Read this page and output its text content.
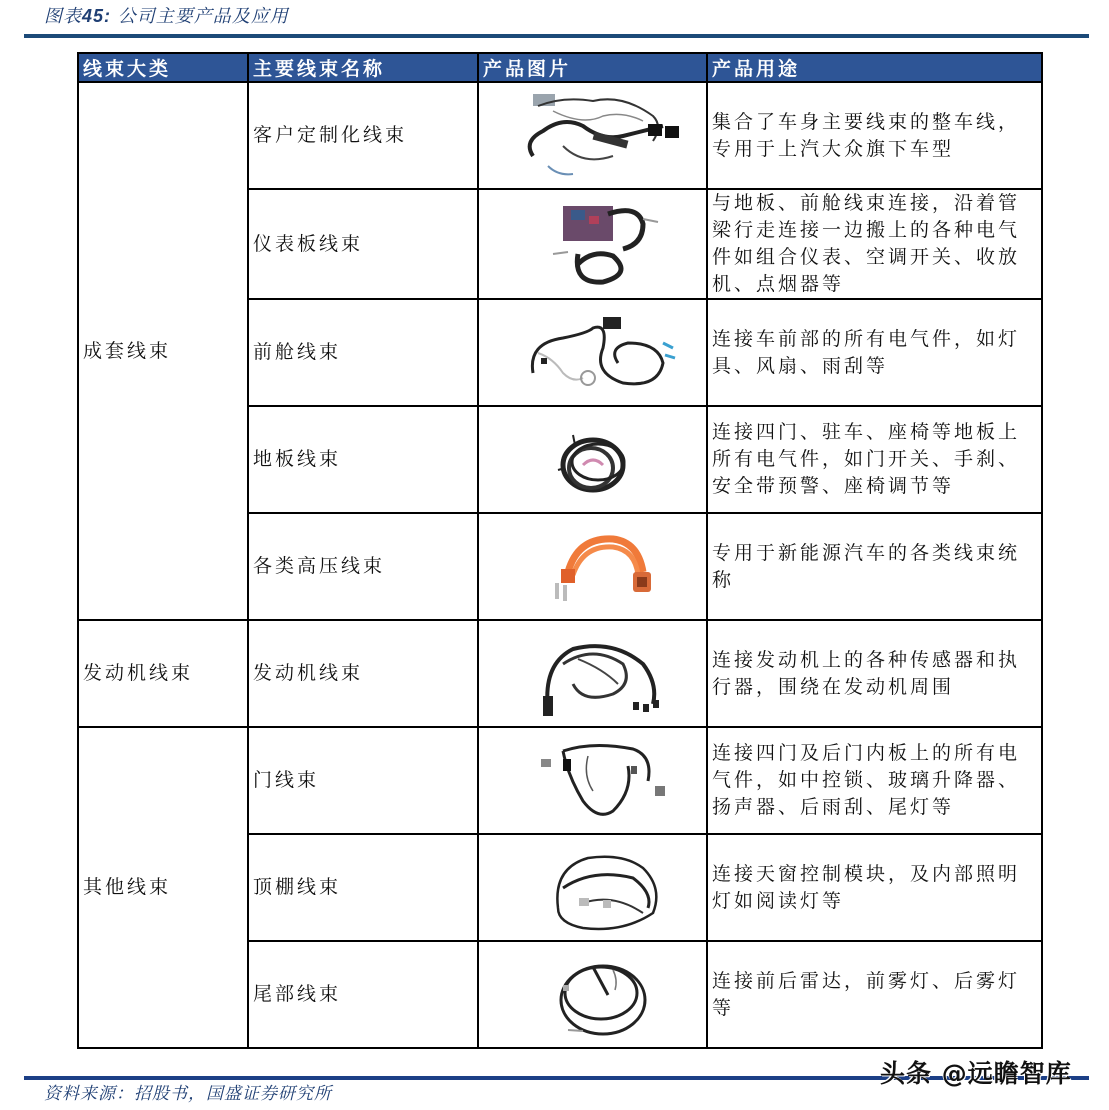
图表45: 公司主要产品及应用
线束大类	主要线束名称	产品图片	产品用途
成套线束	客户定制化线束		集合了车身主要线束的整车线，专用于上汽大众旗下车型
	仪表板线束		与地板、前舱线束连接，沿着管梁行走连接一边搬上的各种电气件如组合仪表、空调开关、收放机、点烟器等
	前舱线束		连接车前部的所有电气件，如灯具、风扇、雨刮等
	地板线束		连接四门、驻车、座椅等地板上所有电气件，如门开关、手刹、安全带预警、座椅调节等
	各类高压线束		专用于新能源汽车的各类线束统称
发动机线束	发动机线束		连接发动机上的各种传感器和执行器，围绕在发动机周围
其他线束	门线束		连接四门及后门内板上的所有电气件，如中控锁、玻璃升降器、扬声器、后雨刮、尾灯等
	顶棚线束		连接天窗控制模块，及内部照明灯如阅读灯等
	尾部线束		连接前后雷达，前雾灯、后雾灯等
资料来源：招股书，国盛证券研究所
头条 @远瞻智库
